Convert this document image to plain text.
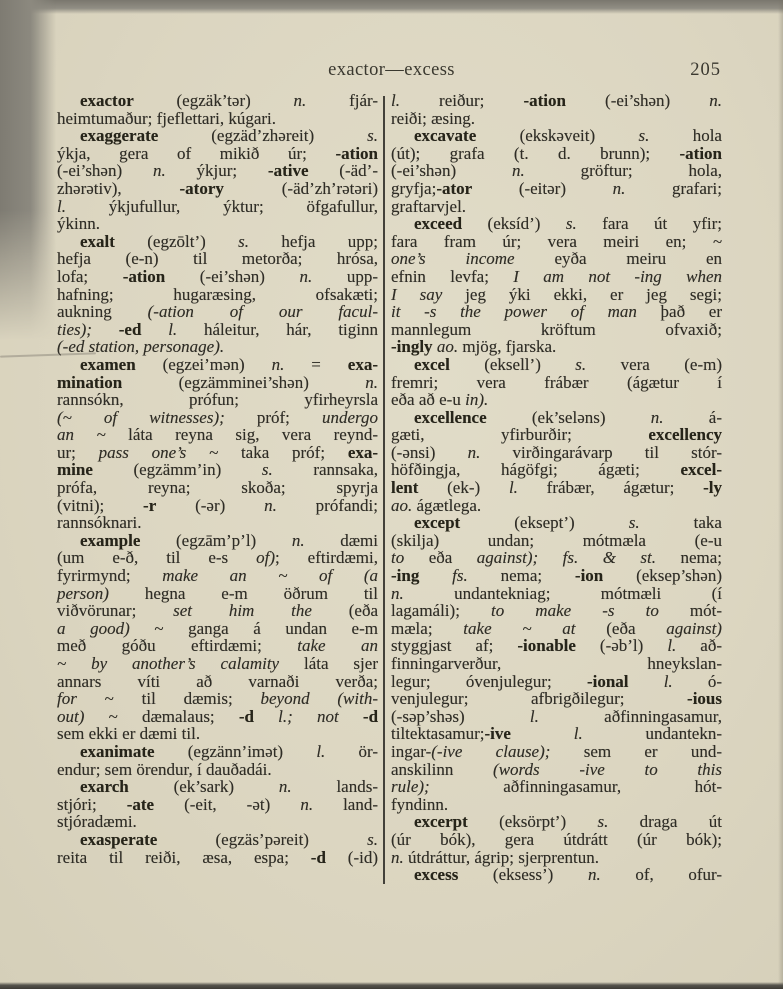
exactor—excess	205
exactor (egzäk’tər) n. fjár-
heimtumaður; fjeflettari, kúgari.
exaggerate (egzäd’zhəreit) s.
ýkja, gera of mikið úr; -ation
(-ei’shən) n. ýkjur; -ative (-äd’-
zhərətiv), -atory (-äd’zh’rətəri)
l. ýkjufullur, ýktur; öfgafullur,
ýkinn.
exalt (egzōlt’) s. hefja upp;
hefja (e-n) til metorða; hrósa,
lofa; -ation (-ei’shən) n. upp-
hafning; hugaræsing, ofsakæti;
aukning (-ation of our facul-
ties); -ed l. háleitur, hár, tiginn
(-ed station, personage).
examen (egzei’mən) n. = exa-
mination (egzämminei’shən) n.
rannsókn, prófun; yfirheyrsla
(~ of witnesses); próf; undergo
an ~ láta reyna sig, vera reynd-
ur; pass one’s ~ taka próf; exa-
mine (egzämm’in) s. rannsaka,
prófa, reyna; skoða; spyrja
(vitni); -r (-ər) n. prófandi;
rannsóknari.
example (egzām’p’l) n. dæmi
(um e-ð, til e-s of); eftirdæmi,
fyrirmynd; make an ~ of (a
person) hegna e-m öðrum til
viðvörunar; set him the (eða
a good) ~ ganga á undan e-m
með góðu eftirdæmi; take an
~ by another’s calamity láta sjer
annars víti að varnaði verða;
for ~ til dæmis; beyond (with-
out) ~ dæmalaus; -d l.; not -d
sem ekki er dæmi til.
exanimate (egzänn’imət) l. ör-
endur; sem örendur, í dauðadái.
exarch (ek’sark) n. lands-
stjóri; -ate (-eit, -ət) n. land-
stjóradæmi.
exasperate (egzäs’pəreit) s.
reita til reiði, æsa, espa; -d (-id)
l. reiður; -ation (-ei’shən) n.
reiði; æsing.
excavate (ekskəveit) s. hola
(út); grafa (t. d. brunn); -ation
(-ei’shən) n. gröftur; hola,
gryfja;-ator (-eitər) n. grafari;
graftarvjel.
exceed (eksíd’) s. fara út yfir;
fara fram úr; vera meiri en; ~
one’s income eyða meiru en
efnin levfa; I am not -ing when
I say jeg ýki ekki, er jeg segi;
it -s the power of man það er
mannlegum kröftum ofvaxið;
-ingly ao. mjög, fjarska.
excel (eksell’) s. vera (e-m)
fremri; vera frábær (ágætur í
eða að e-u in).
excellence (ek’seləns) n. á-
gæti, yfirburðir; excellency
(-ənsi) n. virðingarávarp til stór-
höfðingja, hágöfgi; ágæti; excel-
lent (ek-) l. frábær, ágætur; -ly
ao. ágætlega.
except (eksept’) s. taka
(skilja) undan; mótmæla (e-u
to eða against); fs. & st. nema;
-ing fs. nema; -ion (eksep’shən)
n. undantekniag; mótmæli (í
lagamáli); to make -s to mót-
mæla; take ~ at (eða against)
styggjast af; -ionable (-əb’l) l. að-
finningarverður, hneykslan-
legur; óvenjulegur; -ional l. ó-
venjulegur; afbrigðilegur; -ious
(-səp’shəs) l. aðfinningasamur,
tiltektasamur;-ive	l. undantekn-
ingar-(-ive clause); sem er und-
anskilinn (words -ive to this
rule); aðfinningasamur, hót-
fyndinn.
excerpt (eksörpt’) s. draga út
(úr bók), gera útdrátt (úr bók);
n. útdráttur, ágrip; sjerprentun.
excess (eksess’) n. of, ofur-
